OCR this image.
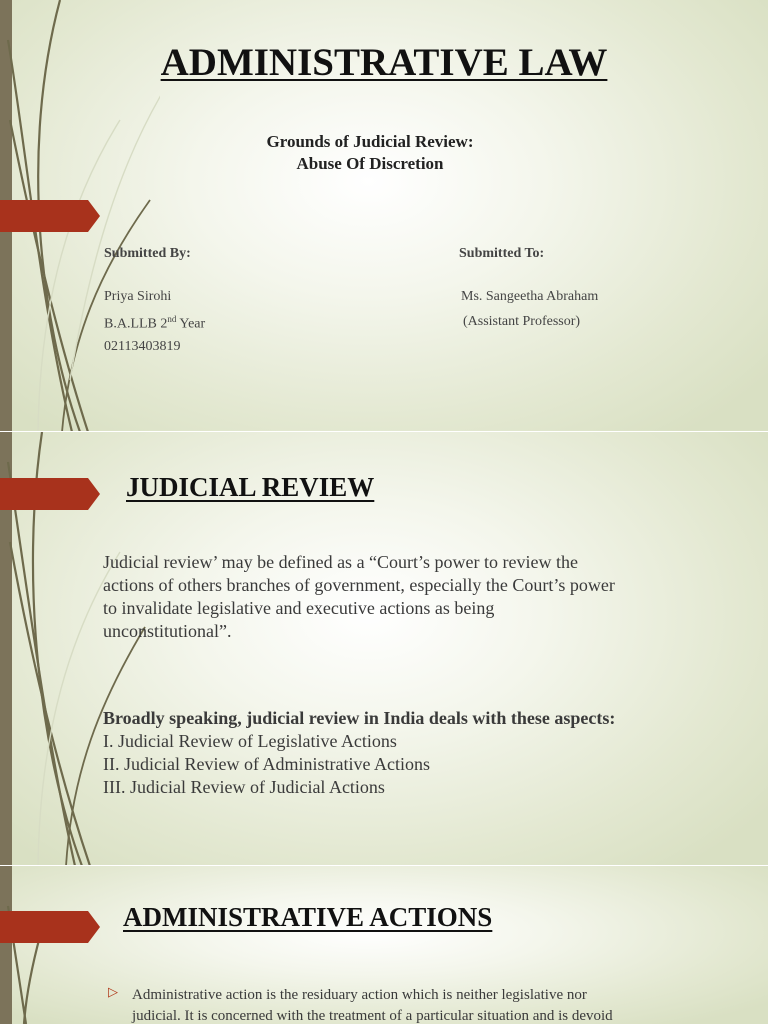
ADMINISTRATIVE LAW

Grounds of Judicial Review:

Abuse Of Discretion

Submitted By:

Priya Sirohi

B.A.LLB 2nd Year

02113403819

Submitted To:

Ms. Sangeetha Abraham

(Assistant Professor)

JUDICIAL REVIEW

Judicial review’ may be defined as a “Court’s power to review the
actions of others branches of government, especially the Court’s power
to invalidate legislative and executive actions as being
unconstitutional”.

Broadly speaking, judicial review in India deals with these aspects:
I. Judicial Review of Legislative Actions
II. Judicial Review of Administrative Actions
III. Judicial Review of Judicial Actions

ADMINISTRATIVE ACTIONS
▷ Administrative action is the residuary action which is neither legislative nor
judicial. It is concerned with the treatment of a particular situation and is devoid
